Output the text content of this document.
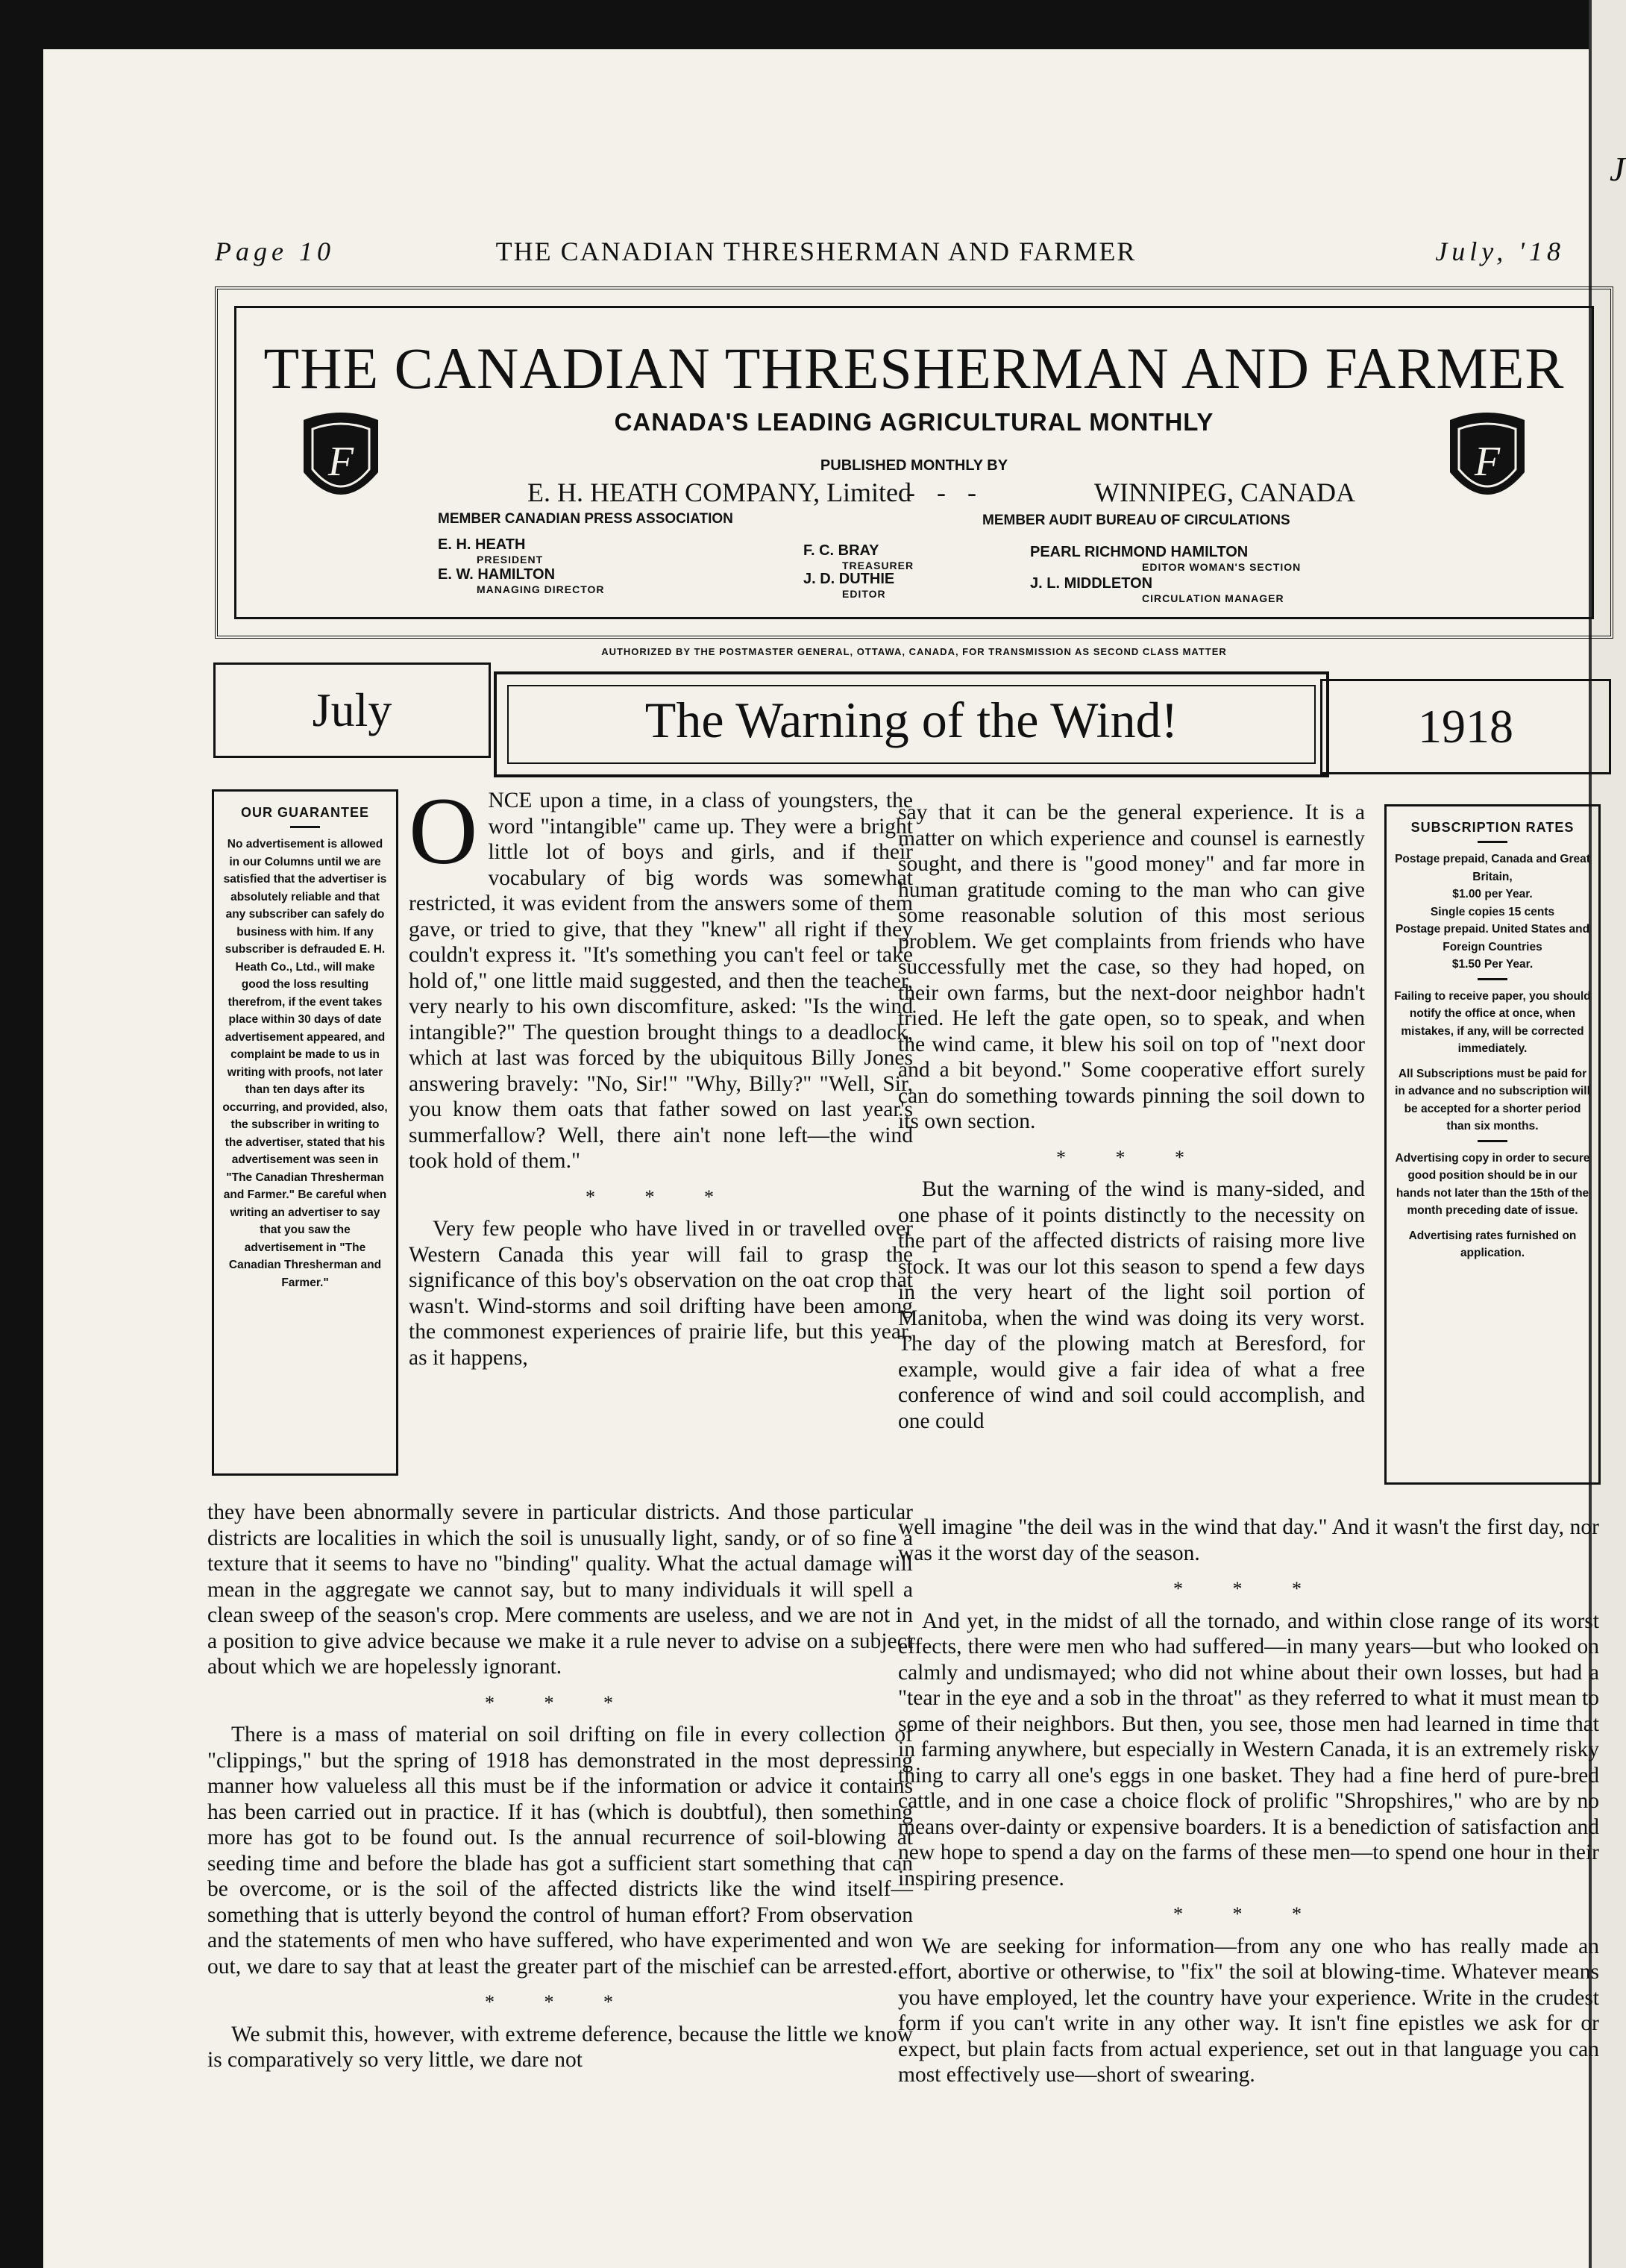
J
Page 10	THE CANADIAN THRESHERMAN AND FARMER	July, '18
THE CANADIAN THRESHERMAN AND FARMER
CANADA'S LEADING AGRICULTURAL MONTHLY
PUBLISHED MONTHLY BY
E. H. HEATH COMPANY, Limited
- - -	WINNIPEG, CANADA
MEMBER CANADIAN PRESS ASSOCIATION	MEMBER AUDIT BUREAU OF CIRCULATIONS
E. H. HEATH
PRESIDENT
E. W. HAMILTON
MANAGING DIRECTOR
F. C. BRAY
TREASURER
J. D. DUTHIE
EDITOR
PEARL RICHMOND HAMILTON
EDITOR WOMAN'S SECTION
J. L. MIDDLETON
CIRCULATION MANAGER
F	F
AUTHORIZED BY THE POSTMASTER GENERAL, OTTAWA, CANADA, FOR TRANSMISSION AS SECOND CLASS MATTER
July	The Warning of the Wind!	1918
OUR GUARANTEE

No advertisement is allowed in our Columns until we are satisfied that the advertiser is absolutely reliable and that any subscriber can safely do business with him. If any subscriber is defrauded E. H. Heath Co., Ltd., will make good the loss resulting therefrom, if the event takes place within 30 days of date advertisement appeared, and complaint be made to us in writing with proofs, not later than ten days after its occurring, and provided, also, the subscriber in writing to the advertiser, stated that his advertisement was seen in "The Canadian Thresherman and Farmer." Be careful when writing an advertiser to say that you saw the advertisement in "The Canadian Thresherman and Farmer."

SUBSCRIPTION RATES

Postage prepaid, Canada and Great Britain,

$1.00 per Year.

Single copies 15 cents

Postage prepaid. United States and Foreign Countries

$1.50 Per Year.

Failing to receive paper, you should notify the office at once, when mistakes, if any, will be corrected immediately.

All Subscriptions must be paid for in advance and no subscription will be accepted for a shorter period than six months.

Advertising copy in order to secure good position should be in our hands not later than the 15th of the month preceding date of issue.

Advertising rates furnished on application.

ONCE upon a time, in a class of youngsters, the word "intangible" came up. They were a bright little lot of boys and girls, and if their vocabulary of big words was somewhat restricted, it was evident from the answers some of them gave, or tried to give, that they "knew" all right if they couldn't express it. "It's something you can't feel or take hold of," one little maid suggested, and then the teacher, very nearly to his own discomfiture, asked: "Is the wind intangible?" The question brought things to a deadlock, which at last was forced by the ubiquitous Billy Jones answering bravely: "No, Sir!" "Why, Billy?" "Well, Sir, you know them oats that father sowed on last year's summerfallow? Well, there ain't none left—the wind took hold of them."

* * *

Very few people who have lived in or travelled over Western Canada this year will fail to grasp the significance of this boy's observation on the oat crop that wasn't. Wind-storms and soil drifting have been among the commonest experiences of prairie life, but this year, as it happens,

they have been abnormally severe in particular districts. And those particular districts are localities in which the soil is unusually light, sandy, or of so fine a texture that it seems to have no "binding" quality. What the actual damage will mean in the aggregate we cannot say, but to many individuals it will spell a clean sweep of the season's crop. Mere comments are useless, and we are not in a position to give advice because we make it a rule never to advise on a subject about which we are hopelessly ignorant.

* * *

There is a mass of material on soil drifting on file in every collection of "clippings," but the spring of 1918 has demonstrated in the most depressing manner how valueless all this must be if the information or advice it contains has been carried out in practice. If it has (which is doubtful), then something more has got to be found out. Is the annual recurrence of soil-blowing at seeding time and before the blade has got a sufficient start something that can be overcome, or is the soil of the affected districts like the wind itself—something that is utterly beyond the control of human effort? From observation and the statements of men who have suffered, who have experimented and won out, we dare to say that at least the greater part of the mischief can be arrested.

* * *

We submit this, however, with extreme deference, because the little we know is comparatively so very little, we dare not

say that it can be the general experience. It is a matter on which experience and counsel is earnestly sought, and there is "good money" and far more in human gratitude coming to the man who can give some reasonable solution of this most serious problem. We get complaints from friends who have successfully met the case, so they had hoped, on their own farms, but the next-door neighbor hadn't tried. He left the gate open, so to speak, and when the wind came, it blew his soil on top of "next door and a bit beyond." Some cooperative effort surely can do something towards pinning the soil down to its own section.

* * *

But the warning of the wind is many-sided, and one phase of it points distinctly to the necessity on the part of the affected districts of raising more live stock. It was our lot this season to spend a few days in the very heart of the light soil portion of Manitoba, when the wind was doing its very worst. The day of the plowing match at Beresford, for example, would give a fair idea of what a free conference of wind and soil could accomplish, and one could

well imagine "the deil was in the wind that day." And it wasn't the first day, nor was it the worst day of the season.

* * *

And yet, in the midst of all the tornado, and within close range of its worst effects, there were men who had suffered—in many years—but who looked on calmly and undismayed; who did not whine about their own losses, but had a "tear in the eye and a sob in the throat" as they referred to what it must mean to some of their neighbors. But then, you see, those men had learned in time that in farming anywhere, but especially in Western Canada, it is an extremely risky thing to carry all one's eggs in one basket. They had a fine herd of pure-bred cattle, and in one case a choice flock of prolific "Shropshires," who are by no means over-dainty or expensive boarders. It is a benediction of satisfaction and new hope to spend a day on the farms of these men—to spend one hour in their inspiring presence.

* * *

We are seeking for information—from any one who has really made an effort, abortive or otherwise, to "fix" the soil at blowing-time. Whatever means you have employed, let the country have your experience. Write in the crudest form if you can't write in any other way. It isn't fine epistles we ask for or expect, but plain facts from actual experience, set out in that language you can most effectively use—short of swearing.
